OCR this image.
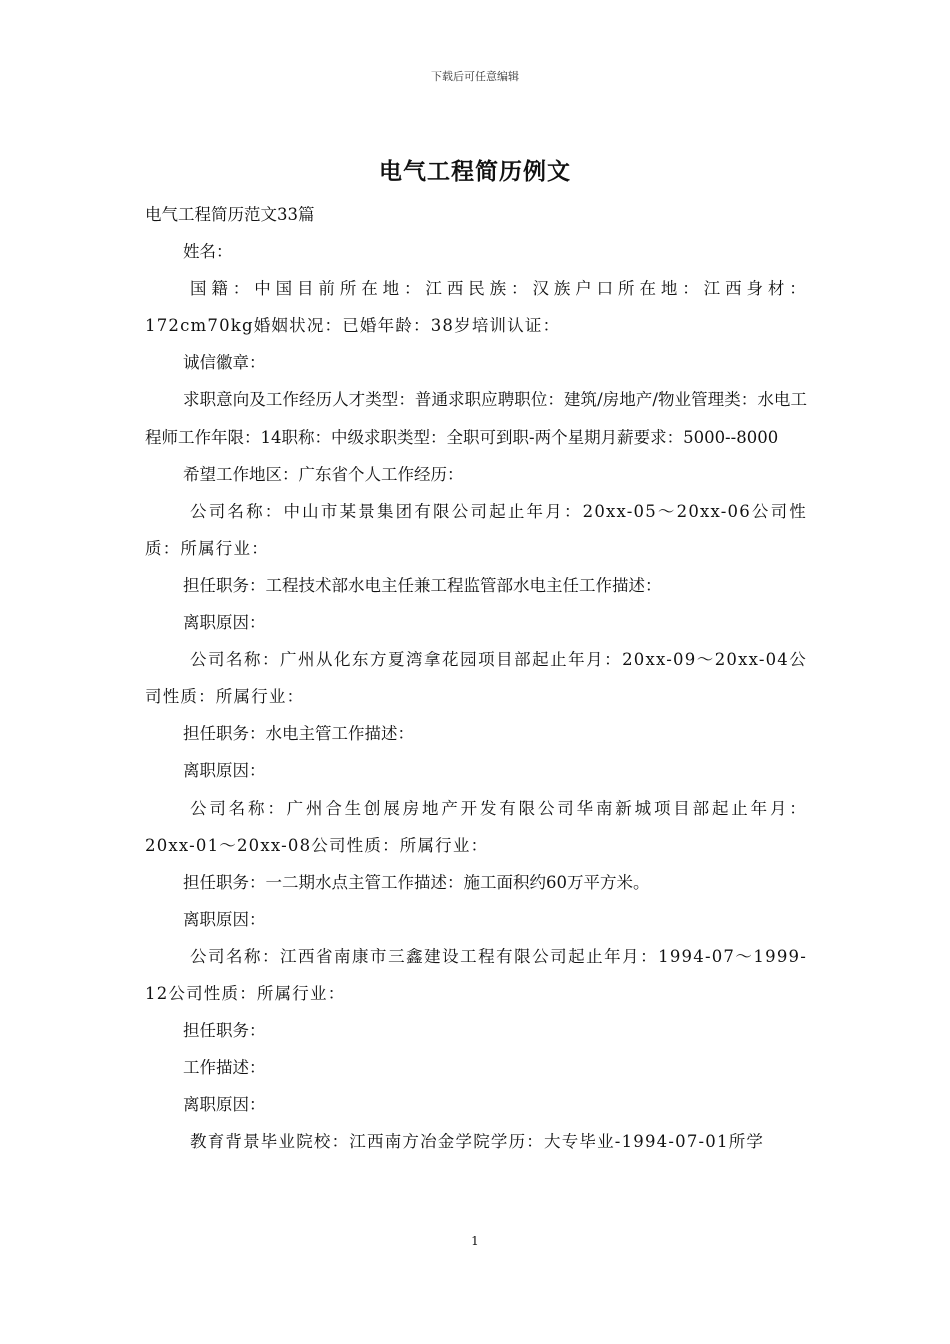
下载后可任意编辑
电气工程简历例文

电气工程简历范文33篇

姓名：

国籍：中国目前所在地：江西民族：汉族户口所在地：江西身材：172cm70kg婚姻状况：已婚年龄：38岁培训认证：

诚信徽章：

求职意向及工作经历人才类型：普通求职应聘职位：建筑/房地产/物业管理类：水电工程师工作年限：14职称：中级求职类型：全职可到职-两个星期月薪要求：5000--8000

希望工作地区：广东省个人工作经历：

公司名称：中山市某景集团有限公司起止年月：20xx-05～20xx-06公司性质：所属行业：

担任职务：工程技术部水电主任兼工程监管部水电主任工作描述：

离职原因：

公司名称：广州从化东方夏湾拿花园项目部起止年月：20xx-09～20xx-04公司性质：所属行业：

担任职务：水电主管工作描述：

离职原因：

公司名称：广州合生创展房地产开发有限公司华南新城项目部起止年月：20xx-01～20xx-08公司性质：所属行业：

担任职务：一二期水点主管工作描述：施工面积约60万平方米。

离职原因：

公司名称：江西省南康市三鑫建设工程有限公司起止年月：1994-07～1999-12公司性质：所属行业：

担任职务：

工作描述：

离职原因：

教育背景毕业院校：江西南方冶金学院学历：大专毕业-1994-07-01所学

1
